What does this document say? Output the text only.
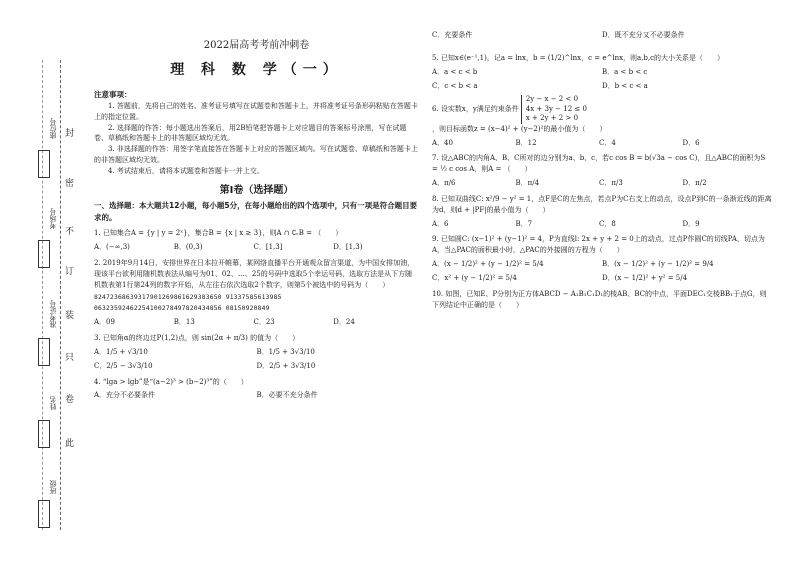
封
密
不
订
装
只
卷
此
座位号
考场号
准考证号
姓名
班级
2022届高考考前冲刺卷
理 科 数 学（一）
注意事项：

1. 答题前，先将自己的姓名、准考证号填写在试题卷和答题卡上，并将准考证号条形码粘贴在答题卡上的指定位置。

2. 选择题的作答：每小题选出答案后，用2B铅笔把答题卡上对应题目的答案标号涂黑，写在试题卷、草稿纸和答题卡上的非答题区域均无效。

3. 非选择题的作答：用签字笔直接答在答题卡上对应的答题区域内。写在试题卷、草稿纸和答题卡上的非答题区域均无效。

4. 考试结束后，请将本试题卷和答题卡一并上交。

第Ⅰ卷（选择题）
一、选择题：本大题共12小题，每小题5分，在每小题给出的四个选项中，只有一项是符合题目要求的。
1. 已知集合A = {y | y = 2ˣ}，集合B = {x | x ≥ 3}，则A ∩ ∁ᵣB = （　　）
A．(−∞,3)	B．(0,3)	C．[1,3]	D．[1,3)
2. 2019年9月14日，安排世界在日本拉开帷幕，某网络直播平台开通观众留言渠道，为中国女排加油，现该平台欲利用随机数表法从编号为01、02、…、25的号码中选取5个幸运号码，选取方法是从下方随机数表第1行第24列的数字开始，从左往右依次选取2个数字，则第5个被选中的号码为（　　）
82472368639317901269861629383650 91337585613985
06323592462254100278497820434856 08150920849
A．09	B．13	C．23	D．24
3. 已知角α的终边过P(1,2)点，则 sin(2α + π/3) 的值为（　　）
A．1/5 + √3/10	B．1/5 + 3√3/10
C．2/5 − 3√3/10	D．2/5 + 3√3/10
4. “lga > lgb”是“(a−2)³ > (b−2)³”的（　　）
A．充分不必要条件	B．必要不充分条件
C．充要条件	D．既不充分又不必要条件
5. 已知x∈(e⁻¹,1)，记a = lnx，b = (1/2)^lnx，c = e^lnx，则a,b,c的大小关系是（　　）
A．a < c < b	B．a < b < c
C．c < b < a	D．b < c < a
6. 设实数x，y满足约束条件
2y − x − 2 < 0
4x + 3y − 12 ≤ 0
x + 2y + 2 > 0
，则目标函数z = (x−4)² + (y−2)²的最小值为（　　）
A．40	B．12	C．4	D．6
7. 设△ABC的内角A、B、C所对的边分别为a、b、c，若c cos B = b(√3a − cos C)，且△ABC的面积为S = ½ c cos A，则A = （　　）
A．π/6	B．π/4	C．π/3	D．π/2
8. 已知双曲线C: x²/9 − y² = 1，点F是C的左焦点，若点P为C右支上的动点，设点P到C的一条渐近线的距离为d，则d + |PF|的最小值为（　　）
A．6	B．7	C．8	D．9
9. 已知圆C: (x−1)² + (y−1)² = 4，P为直线l: 2x + y + 2 = 0上的动点，过点P作圆C的切线PA，切点为A，当△PAC的面积最小时，△PAC的外接圆的方程为（　　）
A．(x − 1/2)² + (y − 1/2)² = 5/4	B．(x − 1/2)² + (y − 1/2)² = 9/4
C．x² + (y − 1/2)² = 5/4	D．(x − 1/2)² + y² = 5/4
10. 如图，已知E、P分别为正方体ABCD − A₁B₁C₁D₁的棱AB、BC的中点，平面DEC₁交棱BB₁于点G，则下列结论中正确的是（　　）
